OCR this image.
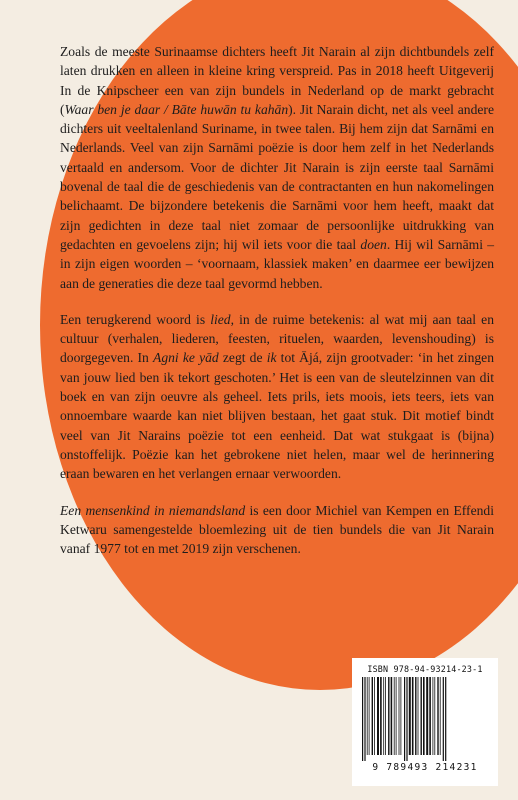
Zoals de meeste Surinaamse dichters heeft Jit Narain al zijn dichtbundels zelf laten drukken en alleen in kleine kring verspreid. Pas in 2018 heeft Uitgeverij In de Knipscheer een van zijn bundels in Nederland op de markt gebracht (Waar ben je daar / Bāte huwān tu kahān). Jit Narain dicht, net als veel andere dichters uit veeltalenland Suriname, in twee talen. Bij hem zijn dat Sarnāmi en Nederlands. Veel van zijn Sarnāmi poëzie is door hem zelf in het Nederlands vertaald en andersom. Voor de dichter Jit Narain is zijn eerste taal Sarnāmi bovenal de taal die de geschiedenis van de contractanten en hun nakomelingen belichaamt. De bijzondere betekenis die Sarnāmi voor hem heeft, maakt dat zijn gedichten in deze taal niet zomaar de persoonlijke uitdrukking van gedachten en gevoelens zijn; hij wil iets voor die taal doen. Hij wil Sarnāmi – in zijn eigen woorden – ‘voornaam, klassiek maken’ en daarmee eer bewijzen aan de generaties die deze taal gevormd hebben.

Een terugkerend woord is lied, in de ruime betekenis: al wat mij aan taal en cultuur (verhalen, liederen, feesten, rituelen, waarden, levenshouding) is doorgegeven. In Agni ke yād zegt de ik tot Ājá, zijn grootvader: ‘in het zingen van jouw lied ben ik tekort geschoten.’ Het is een van de sleutelzinnen van dit boek en van zijn oeuvre als geheel. Iets prils, iets moois, iets teers, iets van onnoembare waarde kan niet blijven bestaan, het gaat stuk. Dit motief bindt veel van Jit Narains poëzie tot een eenheid. Dat wat stukgaat is (bijna) onstoffelijk. Poëzie kan het gebrokene niet helen, maar wel de herinnering eraan bewaren en het verlangen ernaar verwoorden.

Een mensenkind in niemandsland is een door Michiel van Kempen en Effendi Ketwaru samengestelde bloemlezing uit de tien bundels die van Jit Narain vanaf 1977 tot en met 2019 zijn verschenen.

ISBN 978-94-93214-23-1
9 789493 214231
